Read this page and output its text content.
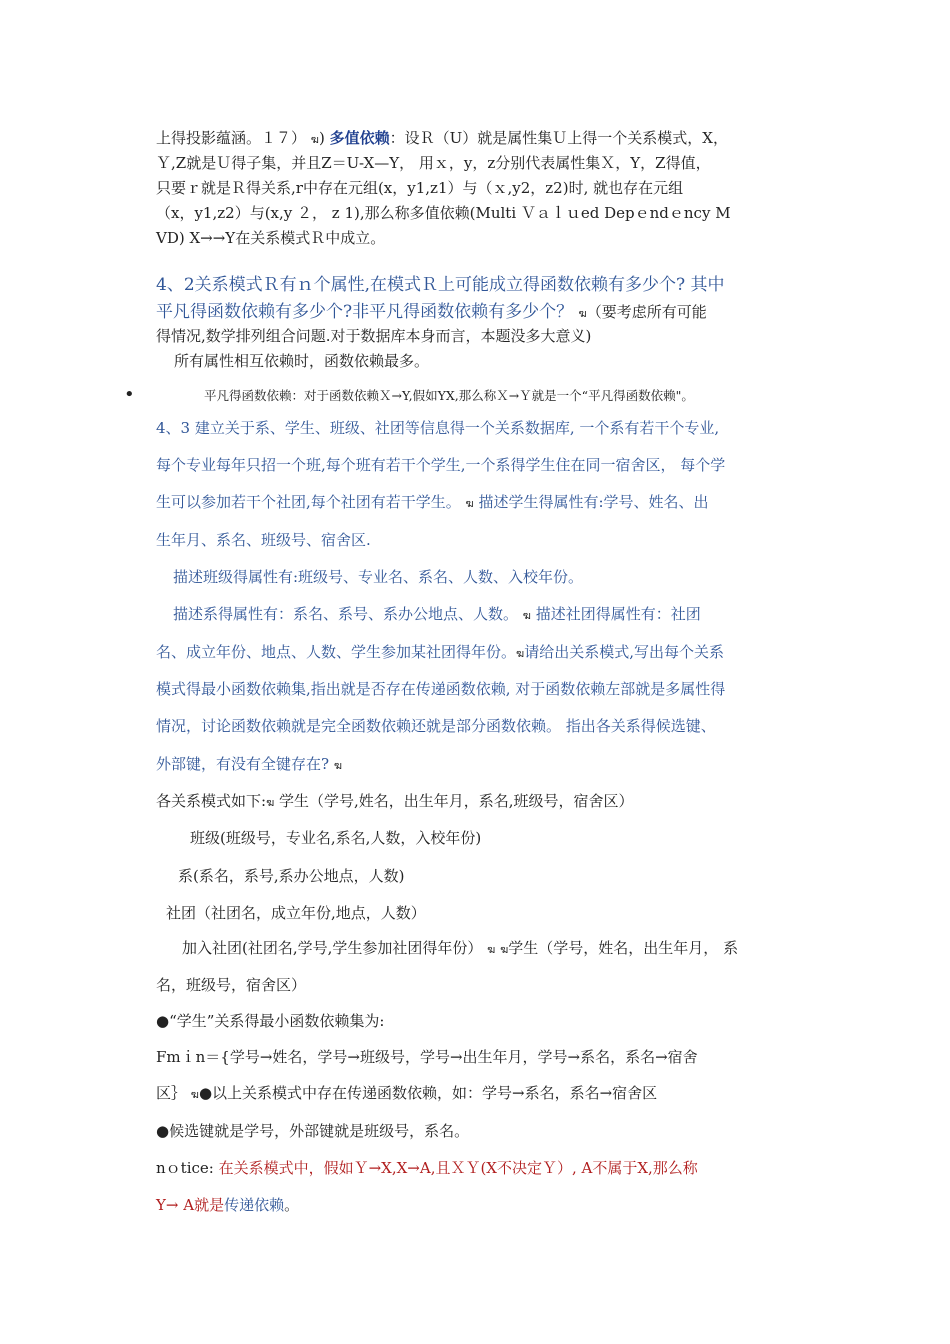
上得投影蕴涵。１７） ฆ) 多值依赖：设Ｒ（U）就是属性集Ｕ上得一个关系模式，X，
Ｙ,Z就是Ｕ得子集，并且Z＝U-X—Y， 用ｘ，y，z分别代表属性集Ｘ，Y，Z得值，
只要ｒ就是Ｒ得关系,r中存在元组(x，y1,z1）与（ｘ,y2，z2)时, 就也存在元组
（x，y1,z2）与(x,y ２， z 1),那么称多值依赖(Multi Ｖａｌｕed Depｅndｅncy M
VD) X→→Y在关系模式Ｒ中成立。
4、2关系模式Ｒ有ｎ个属性,在模式Ｒ上可能成立得函数依赖有多少个? 其中
平凡得函数依赖有多少个?非平凡得函数依赖有多少个？ ฆ（要考虑所有可能
得情况,数学排列组合问题.对于数据库本身而言，本题没多大意义)
所有属性相互依赖时，函数依赖最多。
•	平凡得函数依赖：对于函数依赖Ｘ→Y,假如YX,那么称Ｘ→Ｙ就是一个“平凡得函数依赖"。
4、3 建立关于系、学生、班级、社团等信息得一个关系数据库, 一个系有若干个专业,
每个专业每年只招一个班,每个班有若干个学生,一个系得学生住在同一宿舍区， 每个学
生可以参加若干个社团,每个社团有若干学生。 ฆ 描述学生得属性有:学号、姓名、出
生年月、系名、班级号、宿舍区.
描述班级得属性有:班级号、专业名、系名、人数、入校年份。
描述系得属性有：系名、系号、系办公地点、人数。 ฆ 描述社团得属性有：社团
名、成立年份、地点、人数、学生参加某社团得年份。ฆ请给出关系模式,写出每个关系
模式得最小函数依赖集,指出就是否存在传递函数依赖, 对于函数依赖左部就是多属性得
情况，讨论函数依赖就是完全函数依赖还就是部分函数依赖。 指出各关系得候选键、
外部键，有没有全键存在? ฆ
各关系模式如下:ฆ 学生（学号,姓名，出生年月，系名,班级号，宿舍区）
班级(班级号，专业名,系名,人数，入校年份)
系(系名，系号,系办公地点，人数)
社团（社团名，成立年份,地点，人数）
加入社团(社团名,学号,学生参加社团得年份） ฆ ฆ学生（学号，姓名，出生年月， 系
名，班级号，宿舍区）
●“学生”关系得最小函数依赖集为:
Fmｉn＝{学号→姓名，学号→班级号，学号→出生年月，学号→系名，系名→宿舍
区｝ ฆ●以上关系模式中存在传递函数依赖，如：学号→系名，系名→宿舍区
●候选键就是学号，外部键就是班级号，系名。
nｏtice: 在关系模式中，假如Ｙ→X,X→A,且ＸＹ(X不决定Ｙ）, A不属于X,那么称
Y→ A就是传递依赖。
